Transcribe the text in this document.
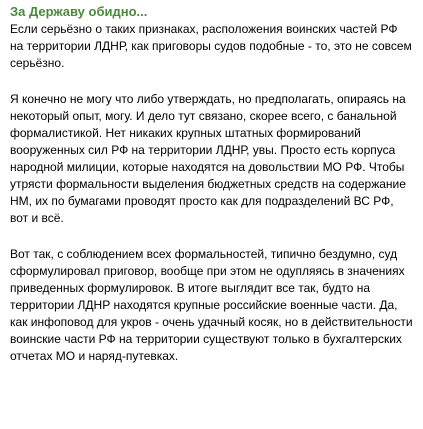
За Державу обидно...

Если серьёзно о таких признаках, расположения воинских частей РФ на территории ЛДНР, как приговоры судов подобные - то, это не совсем серьёзно.

Я конечно не могу что либо утверждать, но предполагать, опираясь на некоторый опыт, могу. И дело тут связано, скорее всего, с банальной формалистикой. Нет никаких крупных штатных формирований вооруженных сил РФ на территории ЛДНР, увы. Просто есть корпуса народной милиции, которые находятся на довольствии МО РФ. Чтобы утрясти формальности выделения бюджетных средств на содержание НМ, их по бумагами проводят просто как для подразделений ВС РФ, вот и всё.

Вот так, с соблюдением всех формальностей, типично бездумно, суд сформулировал приговор, вообще при этом не одупляясь в значениях приведенных формулировок. В итоге выглядит все так, будто на территории ЛДНР находятся крупные российские военные части. Да, как инфоповод для укров - очень удачный косяк, но в действительности воинские части РФ на территории существуют только в бухгалтерских отчетах МО и наряд-путевках.
